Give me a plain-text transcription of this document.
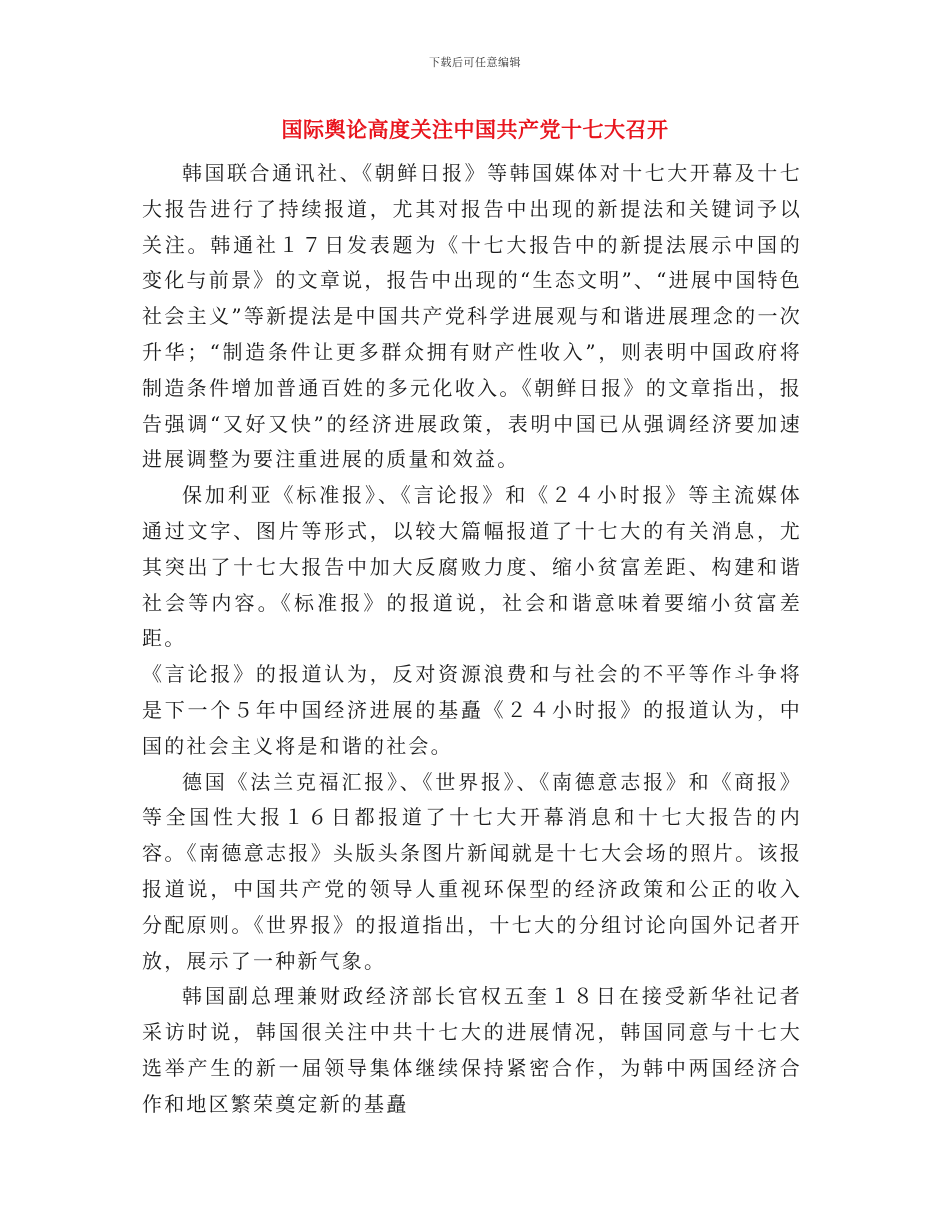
下载后可任意编辑
国际舆论高度关注中国共产党十七大召开

韩国联合通讯社、《朝鲜日报》等韩国媒体对十七大开幕及十七大报告进行了持续报道，尤其对报告中出现的新提法和关键词予以关注。韩通社１７日发表题为《十七大报告中的新提法展示中国的变化与前景》的文章说，报告中出现的“生态文明”、“进展中国特色社会主义”等新提法是中国共产党科学进展观与和谐进展理念的一次升华；“制造条件让更多群众拥有财产性收入”，则表明中国政府将制造条件增加普通百姓的多元化收入。《朝鲜日报》的文章指出，报告强调“又好又快”的经济进展政策，表明中国已从强调经济要加速进展调整为要注重进展的质量和效益。

保加利亚《标准报》、《言论报》和《２４小时报》等主流媒体通过文字、图片等形式，以较大篇幅报道了十七大的有关消息，尤其突出了十七大报告中加大反腐败力度、缩小贫富差距、构建和谐社会等内容。《标准报》的报道说，社会和谐意味着要缩小贫富差距。

《言论报》的报道认为，反对资源浪费和与社会的不平等作斗争将是下一个５年中国经济进展的基矗《２４小时报》的报道认为，中国的社会主义将是和谐的社会。

德国《法兰克福汇报》、《世界报》、《南德意志报》和《商报》等全国性大报１６日都报道了十七大开幕消息和十七大报告的内容。《南德意志报》头版头条图片新闻就是十七大会场的照片。该报报道说，中国共产党的领导人重视环保型的经济政策和公正的收入分配原则。《世界报》的报道指出，十七大的分组讨论向国外记者开放，展示了一种新气象。

韩国副总理兼财政经济部长官权五奎１８日在接受新华社记者采访时说，韩国很关注中共十七大的进展情况，韩国同意与十七大选举产生的新一届领导集体继续保持紧密合作，为韩中两国经济合作和地区繁荣奠定新的基矗
